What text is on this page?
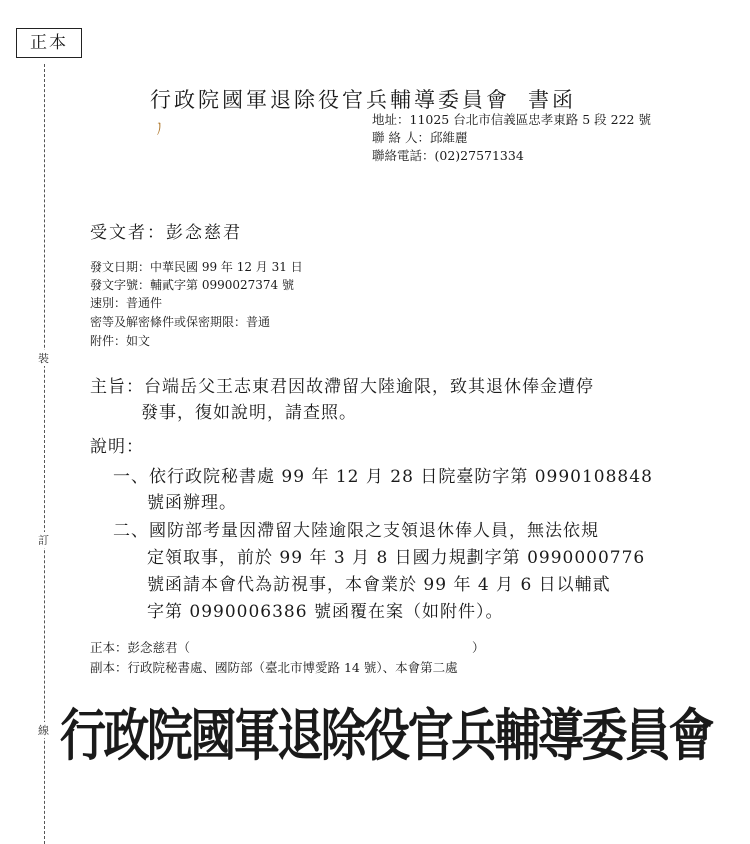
正本
裝
訂
線
行政院國軍退除役官兵輔導委員會 書函
ノ	地址：11025 台北市信義區忠孝東路 5 段 222 號
聯 絡 人：邱維麗
聯絡電話：(02)27571334
受文者：彭念慈君
發文日期：中華民國 99 年 12 月 31 日
發文字號：輔貳字第 0990027374 號
速別：普通件
密等及解密條件或保密期限：普通
附件：如文
主旨：台端岳父王志東君因故滯留大陸逾限，致其退休俸金遭停
發事，復如說明，請查照。
說明：
一、依行政院秘書處 99 年 12 月 28 日院臺防字第 0990108848
號函辦理。
二、國防部考量因滯留大陸逾限之支領退休俸人員，無法依規
定領取事，前於 99 年 3 月 8 日國力規劃字第 0990000776
號函請本會代為訪視事，本會業於 99 年 4 月 6 日以輔貳
字第 0990006386 號函覆在案（如附件）。
正本：彭念慈君（	）
副本：行政院秘書處、國防部（臺北市博愛路 14 號）、本會第二處
行政院國軍退除役官兵輔導委員會
